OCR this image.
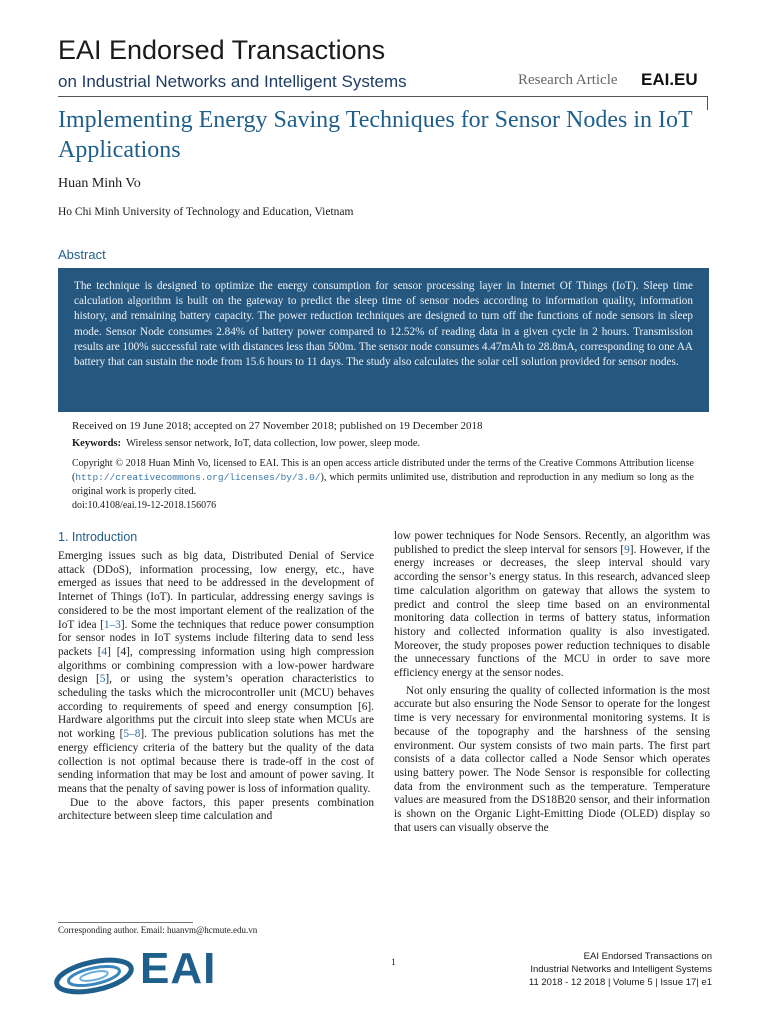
EAI Endorsed Transactions
on Industrial Networks and Intelligent Systems	Research Article EAI.EU
Implementing Energy Saving Techniques for Sensor Nodes in IoT Applications
Huan Minh Vo
Ho Chi Minh University of Technology and Education, Vietnam
Abstract
The technique is designed to optimize the energy consumption for sensor processing layer in Internet Of Things (IoT). Sleep time calculation algorithm is built on the gateway to predict the sleep time of sensor nodes according to information quality, information history, and remaining battery capacity. The power reduction techniques are designed to turn off the functions of node sensors in sleep mode. Sensor Node consumes 2.84% of battery power compared to 12.52% of reading data in a given cycle in 2 hours. Transmission results are 100% successful rate with distances less than 500m. The sensor node consumes 4.47mAh to 28.8mA, corresponding to one AA battery that can sustain the node from 15.6 hours to 11 days. The study also calculates the solar cell solution provided for sensor nodes.
Received on 19 June 2018; accepted on 27 November 2018; published on 19 December 2018
Keywords: Wireless sensor network, IoT, data collection, low power, sleep mode.
Copyright © 2018 Huan Minh Vo, licensed to EAI. This is an open access article distributed under the terms of the Creative Commons Attribution license (http://creativecommons.org/licenses/by/3.0/), which permits unlimited use, distribution and reproduction in any medium so long as the original work is properly cited.
doi:10.4108/eai.19-12-2018.156076
1. Introduction

Emerging issues such as big data, Distributed Denial of Service attack (DDoS), information processing, low energy, etc., have emerged as issues that need to be addressed in the development of Internet of Things (IoT). In particular, addressing energy savings is considered to be the most important element of the realization of the IoT idea [1–3]. Some the techniques that reduce power consumption for sensor nodes in IoT systems include filtering data to send less packets [4] [4], compressing information using high compression algorithms or combining compression with a low-power hardware design [5], or using the system’s operation characteristics to scheduling the tasks which the microcontroller unit (MCU) behaves according to requirements of speed and energy consumption [6]. Hardware algorithms put the circuit into sleep state when MCUs are not working [5–8]. The previous publication solutions has met the energy efficiency criteria of the battery but the quality of the data collection is not optimal because there is trade-off in the cost of sending information that may be lost and amount of power saving. It means that the penalty of saving power is loss of information quality.

Due to the above factors, this paper presents combination architecture between sleep time calculation and

low power techniques for Node Sensors. Recently, an algorithm was published to predict the sleep interval for sensors [9]. However, if the energy increases or decreases, the sleep interval should vary according the sensor’s energy status. In this research, advanced sleep time calculation algorithm on gateway that allows the system to predict and control the sleep time based on an environmental monitoring data collection in terms of battery status, information history and collected information quality is also investigated. Moreover, the study proposes power reduction techniques to disable the unnecessary functions of the MCU in order to save more efficiency energy at the sensor nodes.

Not only ensuring the quality of collected information is the most accurate but also ensuring the Node Sensor to operate for the longest time is very necessary for environmental monitoring systems. It is because of the topography and the harshness of the sensing environment. Our system consists of two main parts. The first part consists of a data collector called a Node Sensor which operates using battery power. The Node Sensor is responsible for collecting data from the environment such as the temperature. Temperature values are measured from the DS18B20 sensor, and their information is shown on the Organic Light-Emitting Diode (OLED) display so that users can visually observe the

Corresponding author. Email: huanvm@hcmute.edu.vn
EAI	1
EAI Endorsed Transactions on
Industrial Networks and Intelligent Systems
11 2018 - 12 2018 | Volume 5 | Issue 17| e1
